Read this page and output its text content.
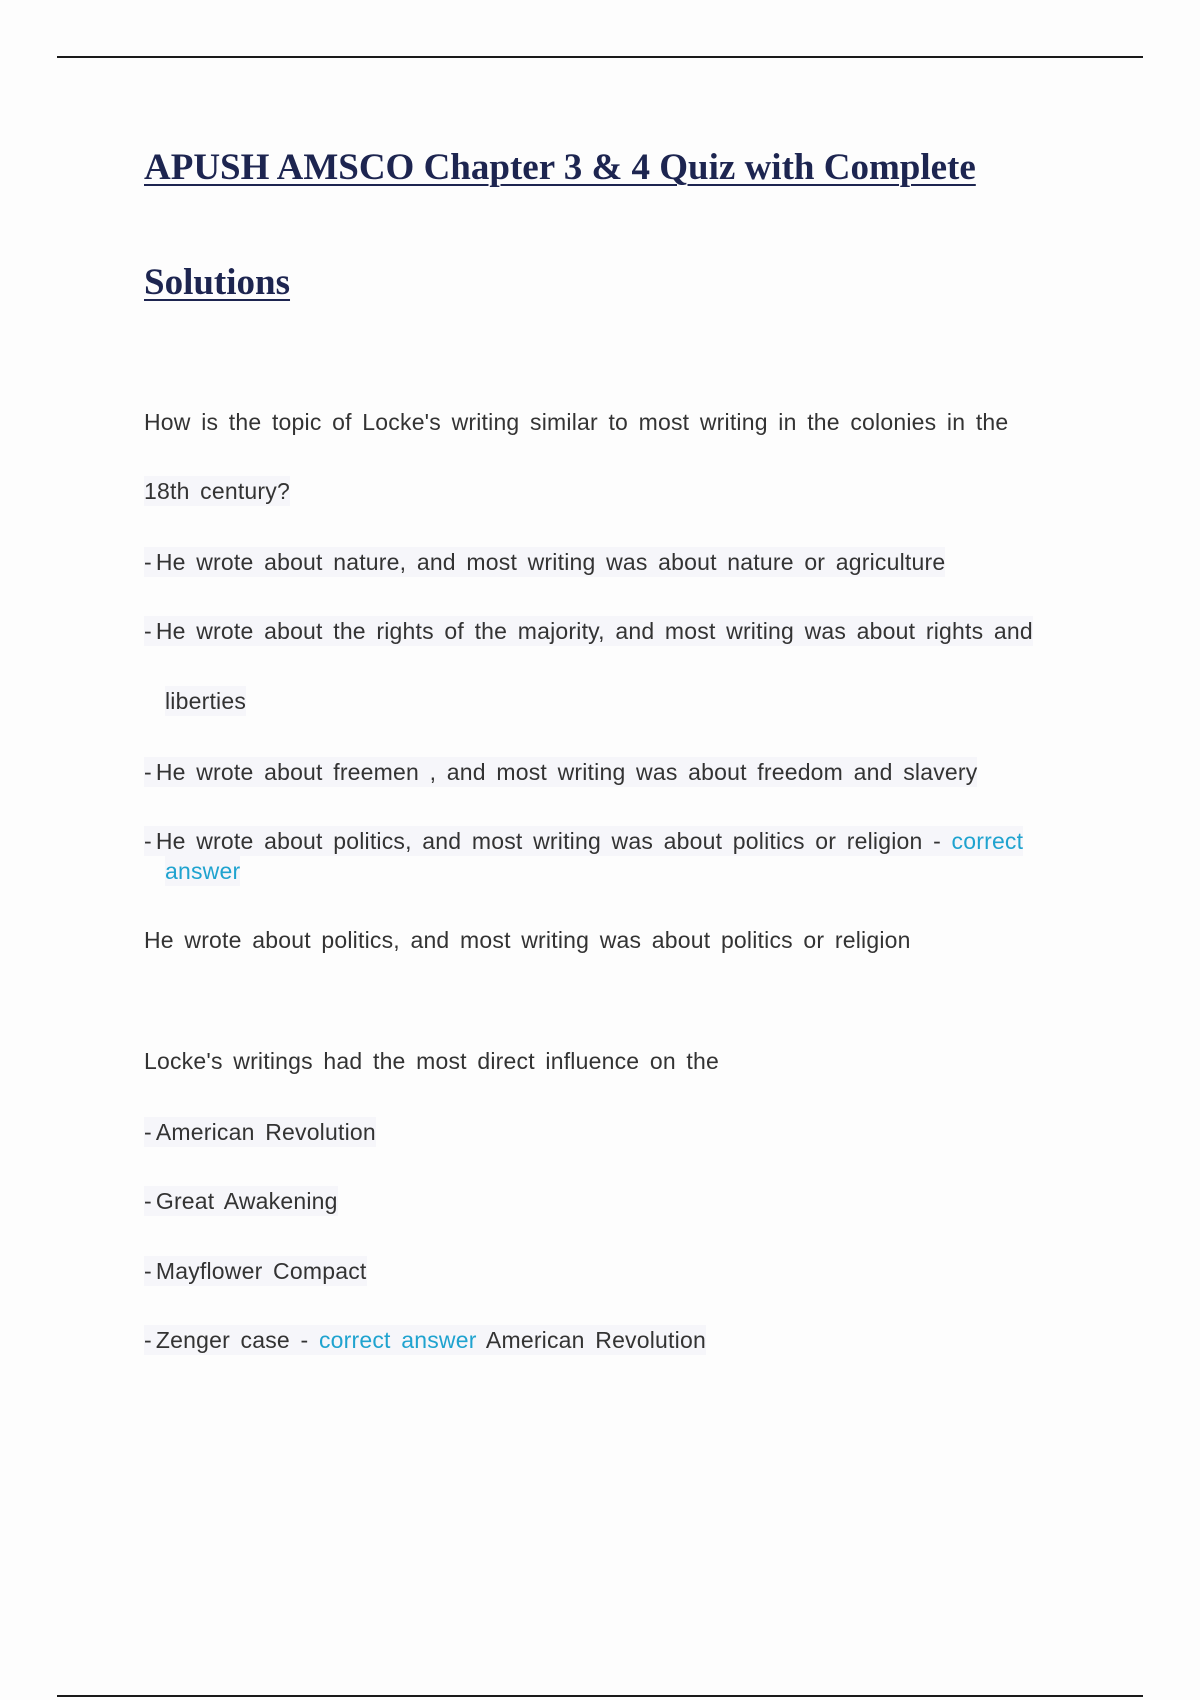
APUSH AMSCO Chapter 3 & 4 Quiz with Complete
Solutions
How is the topic of Locke's writing similar to most writing in the colonies in the
18th century?
- He wrote about nature, and most writing was about nature or agriculture
- He wrote about the rights of the majority, and most writing was about rights and
liberties
- He wrote about freemen , and most writing was about freedom and slavery
- He wrote about politics, and most writing was about politics or religion - correct
answer
He wrote about politics, and most writing was about politics or religion
Locke's writings had the most direct influence on the
- American Revolution
- Great Awakening
- Mayflower Compact
- Zenger case - correct answer American Revolution
